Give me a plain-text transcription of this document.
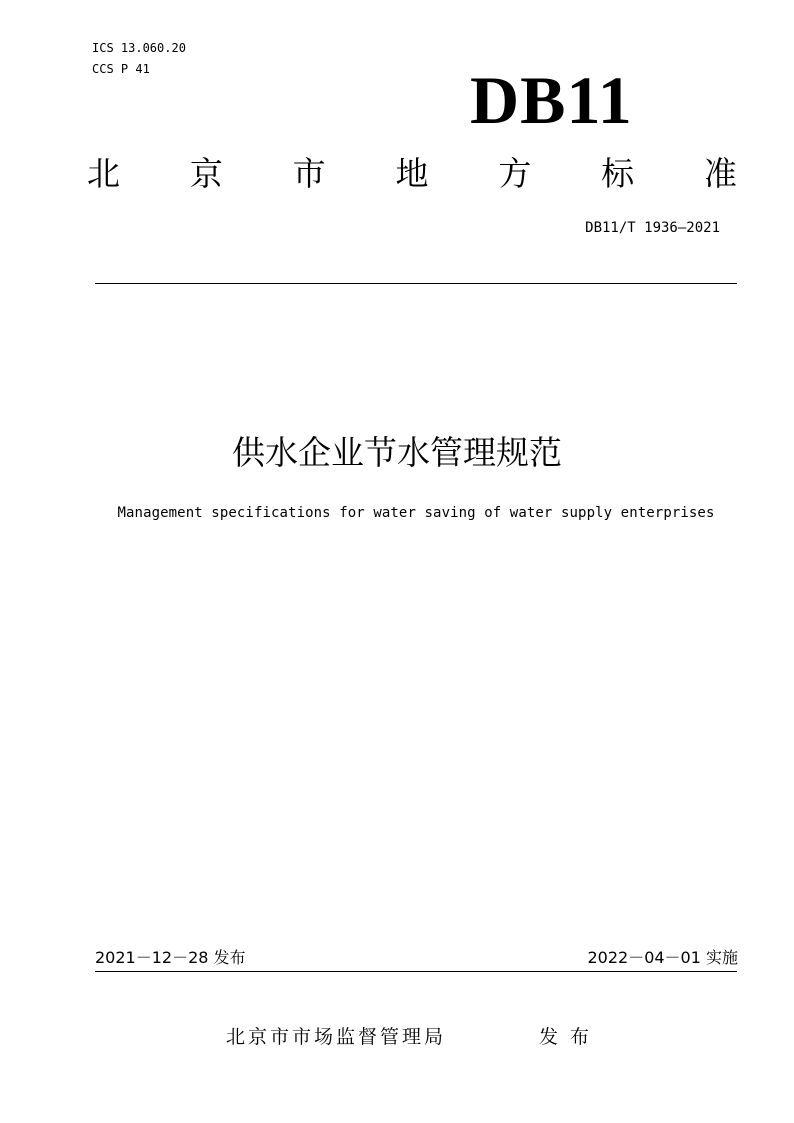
ICS 13.060.20
CCS P 41	DB11
北 京 市 地 方 标 准
DB11/T 1936—2021
供水企业节水管理规范
Management specifications for water saving of water supply enterprises
2021－12－28 发布	2022－04－01 实施
北京市市场监督管理局	发布
